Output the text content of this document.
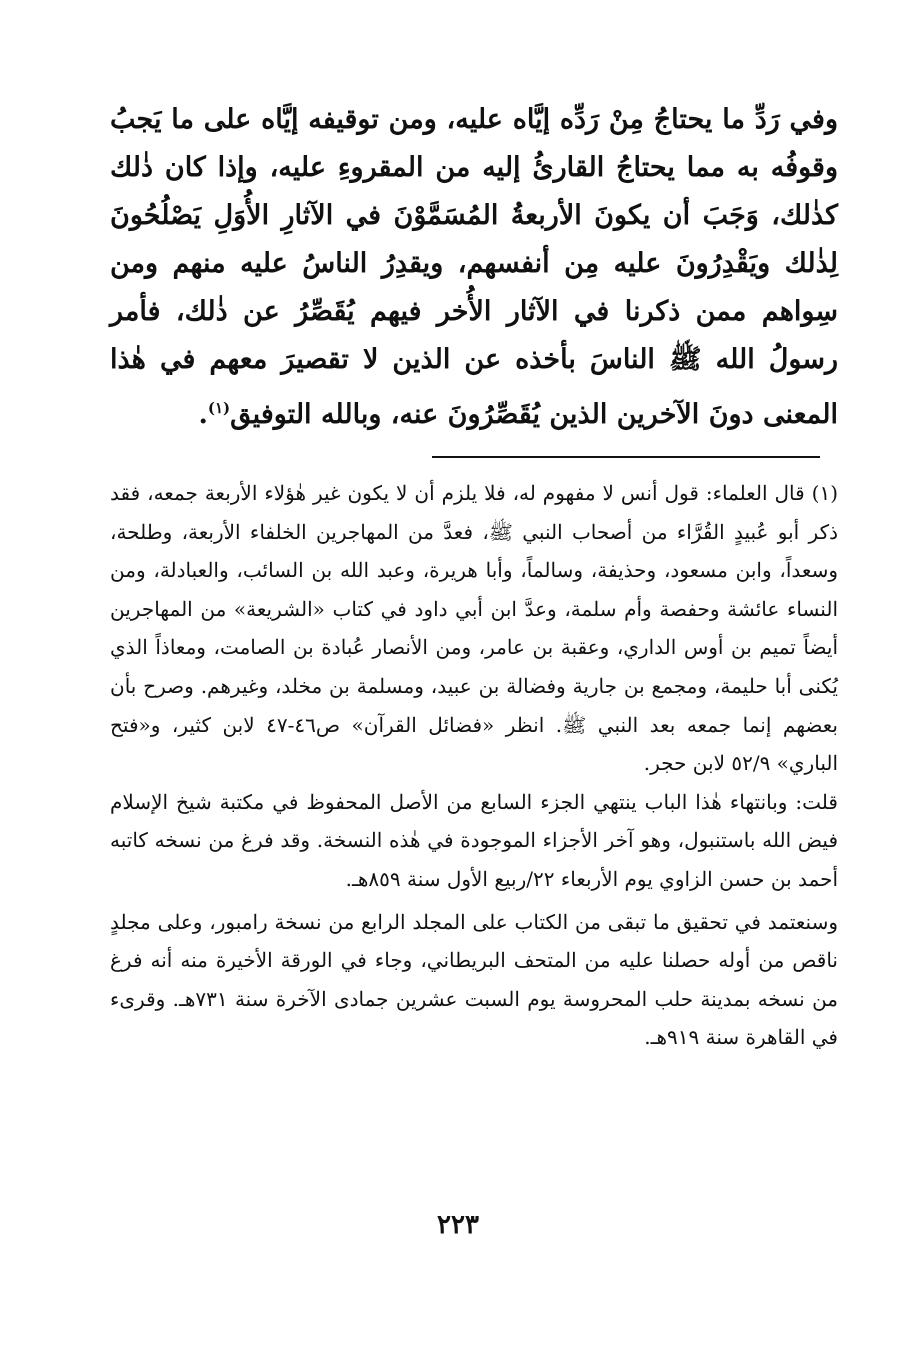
وفي رَدِّ ما يحتاجُ مِنْ رَدِّه إيَّاه عليه، ومن توقيفه إيَّاه على ما يَجبُ وقوفُه به مما يحتاجُ القارئُ إليه من المقروءِ عليه، وإذا كان ذٰلك كذٰلك، وَجَبَ أن يكونَ الأربعةُ المُسَمَّوْنَ في الآثارِ الأُوَلِ يَصْلُحُونَ لِذٰلك ويَقْدِرُونَ عليه مِن أنفسهم، ويقدِرُ الناسُ عليه منهم ومن سِواهم ممن ذكرنا في الآثار الأُخر فيهم يُقَصِّرُ عن ذٰلك، فأمر رسولُ الله ﷺ الناسَ بأخذه عن الذين لا تقصيرَ معهم في هٰذا المعنى دونَ الآخرين الذين يُقَصِّرُونَ عنه، وبالله التوفيق$^{(١)}$.

(١) قال العلماء: قول أنس لا مفهوم له، فلا يلزم أن لا يكون غير هٰؤلاء الأربعة جمعه، فقد ذكر أبو عُبيدٍ القُرَّاء من أصحاب النبي ﷺ، فعدَّ من المهاجرين الخلفاء الأربعة، وطلحة، وسعداً، وابن مسعود، وحذيفة، وسالماً، وأبا هريرة، وعبد الله بن السائب، والعبادلة، ومن النساء عائشة وحفصة وأم سلمة، وعدَّ ابن أبي داود في كتاب «الشريعة» من المهاجرين أيضاً تميم بن أوس الداري، وعقبة بن عامر، ومن الأنصار عُبادة بن الصامت، ومعاذاً الذي يُكنى أبا حليمة، ومجمع بن جارية وفضالة بن عبيد، ومسلمة بن مخلد، وغيرهم. وصرح بأن بعضهم إنما جمعه بعد النبي ﷺ. انظر «فضائل القرآن» ص٤٦-٤٧ لابن كثير، و«فتح الباري» ٥٢/٩ لابن حجر.

قلت: وبانتهاء هٰذا الباب ينتهي الجزء السابع من الأصل المحفوظ في مكتبة شيخ الإسلام فيض الله باستنبول، وهو آخر الأجزاء الموجودة في هٰذه النسخة. وقد فرغ من نسخه كاتبه أحمد بن حسن الزاوي يوم الأربعاء ٢٢/ربيع الأول سنة ٨٥٩هـ.

وسنعتمد في تحقيق ما تبقى من الكتاب على المجلد الرابع من نسخة رامبور، وعلى مجلدٍ ناقص من أوله حصلنا عليه من المتحف البريطاني، وجاء في الورقة الأخيرة منه أنه فرغ من نسخه بمدينة حلب المحروسة يوم السبت عشرين جمادى الآخرة سنة ٧٣١هـ. وقرىء في القاهرة سنة ٩١٩هـ.

٢٢٣
